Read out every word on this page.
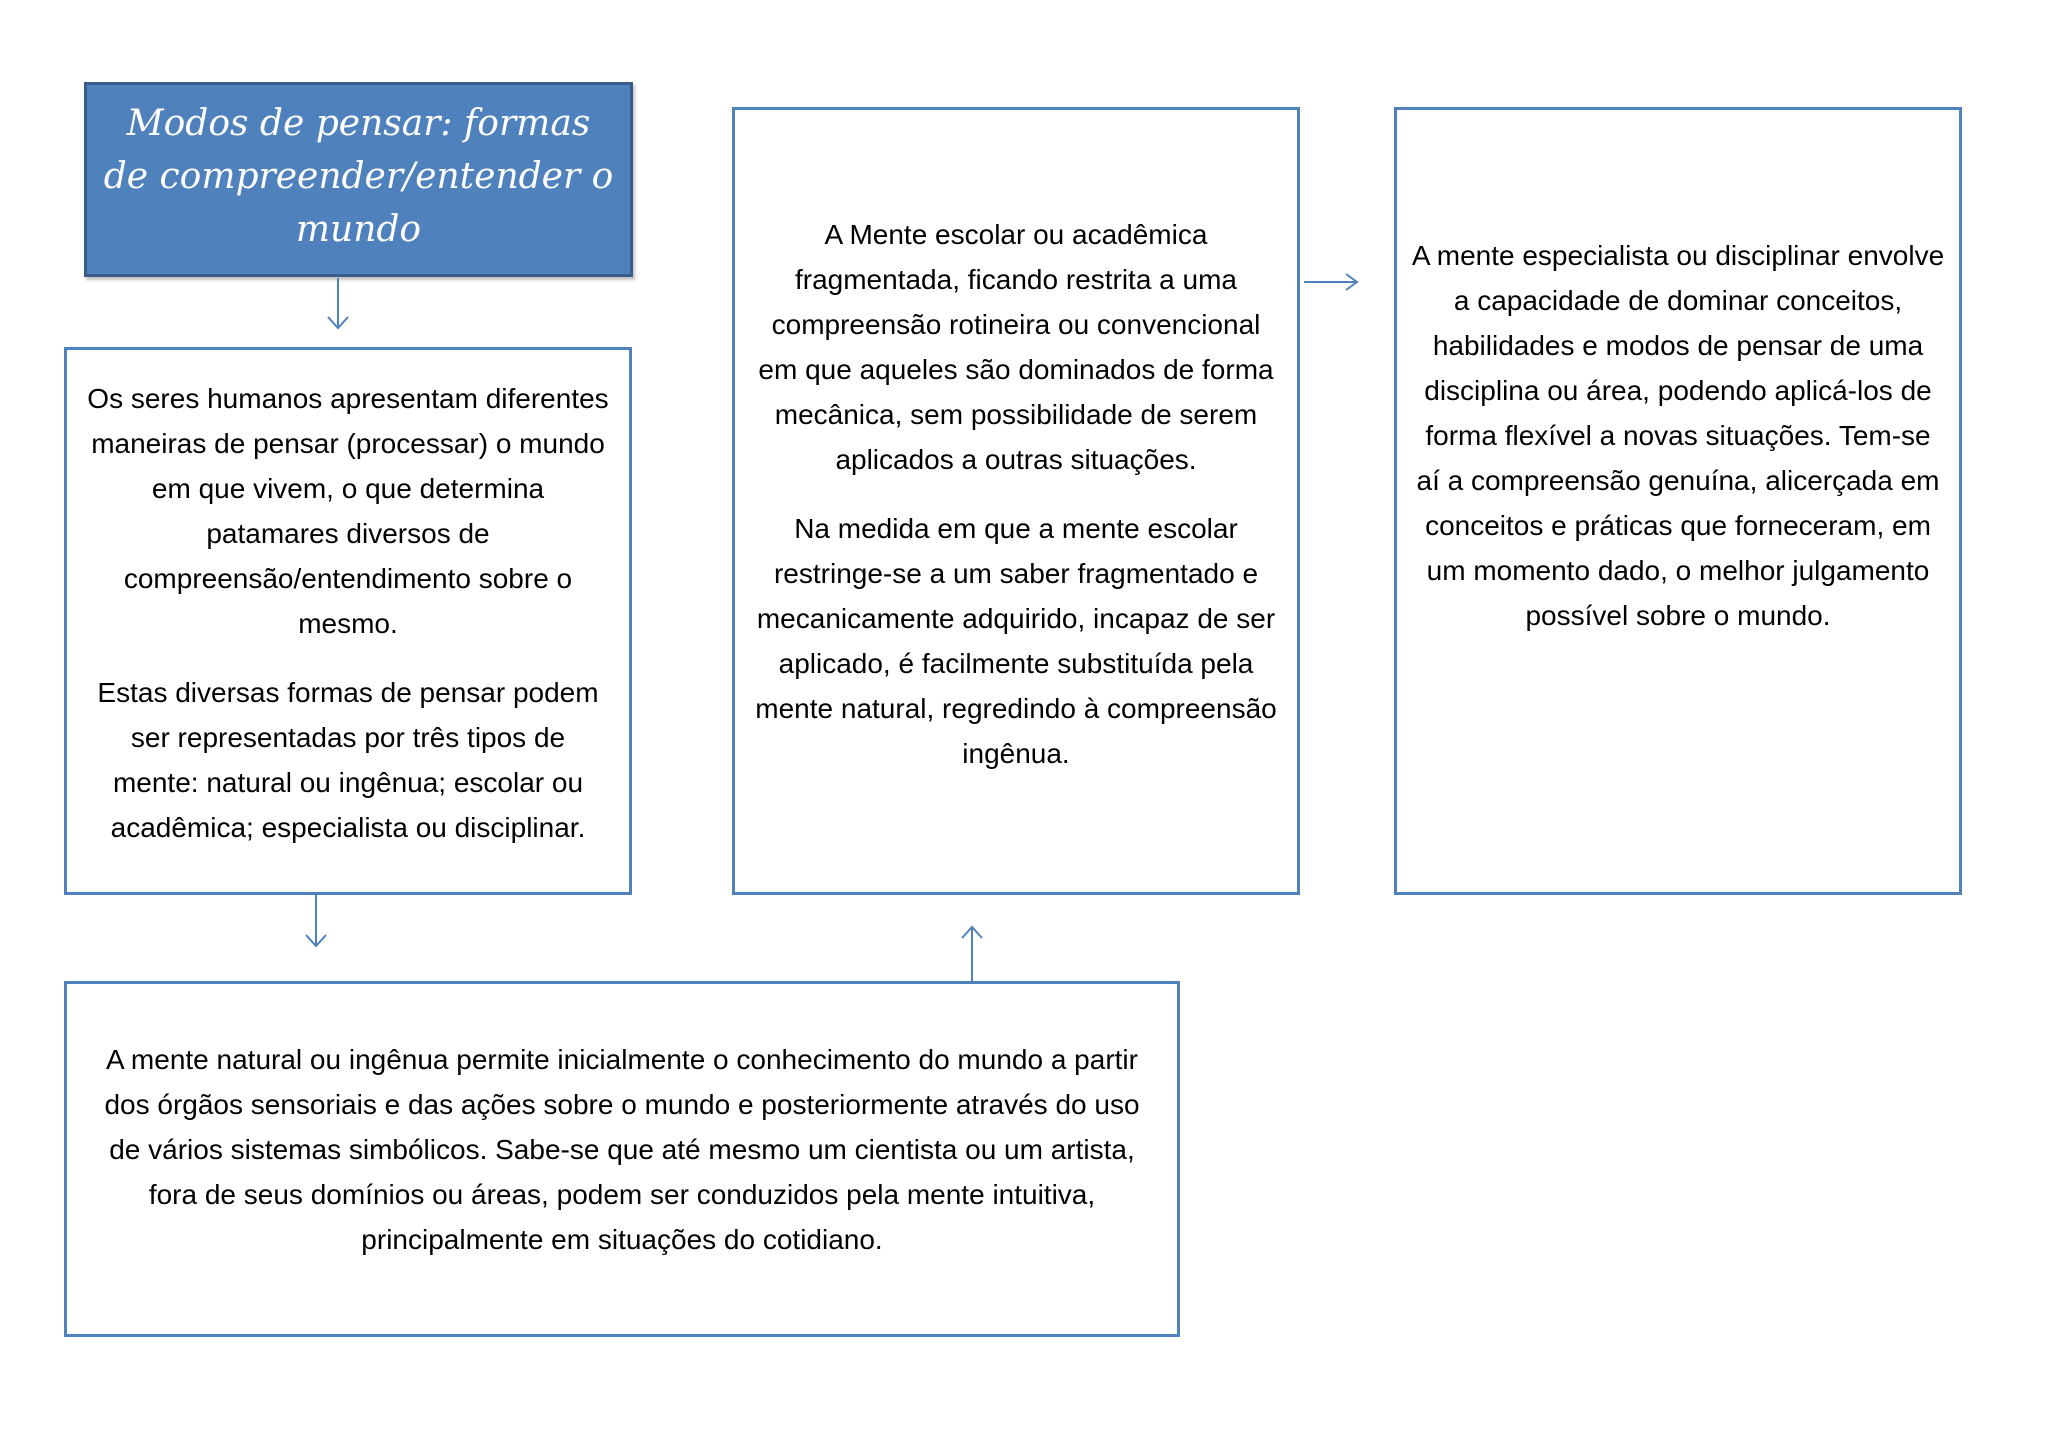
Modos de pensar: formas de compreender/entender o mundo

Os seres humanos apresentam diferentes maneiras de pensar (processar) o mundo em que vivem, o que determina patamares diversos de compreensão/entendimento sobre o mesmo.

Estas diversas formas de pensar podem ser representadas por três tipos de mente: natural ou ingênua; escolar ou acadêmica; especialista ou disciplinar.

A Mente escolar ou acadêmica fragmentada, ficando restrita a uma compreensão rotineira ou convencional em que aqueles são dominados de forma mecânica, sem possibilidade de serem aplicados a outras situações.

Na medida em que a mente escolar restringe-se a um saber fragmentado e mecanicamente adquirido, incapaz de ser aplicado, é facilmente substituída pela mente natural, regredindo à compreensão ingênua.

A mente especialista ou disciplinar envolve a capacidade de dominar conceitos, habilidades e modos de pensar de uma disciplina ou área, podendo aplicá-los de forma flexível a novas situações. Tem-se aí a compreensão genuína, alicerçada em conceitos e práticas que forneceram, em um momento dado, o melhor julgamento possível sobre o mundo.

A mente natural ou ingênua permite inicialmente o conhecimento do mundo a partir dos órgãos sensoriais e das ações sobre o mundo e posteriormente através do uso de vários sistemas simbólicos. Sabe-se que até mesmo um cientista ou um artista, fora de seus domínios ou áreas, podem ser conduzidos pela mente intuitiva, principalmente em situações do cotidiano.
